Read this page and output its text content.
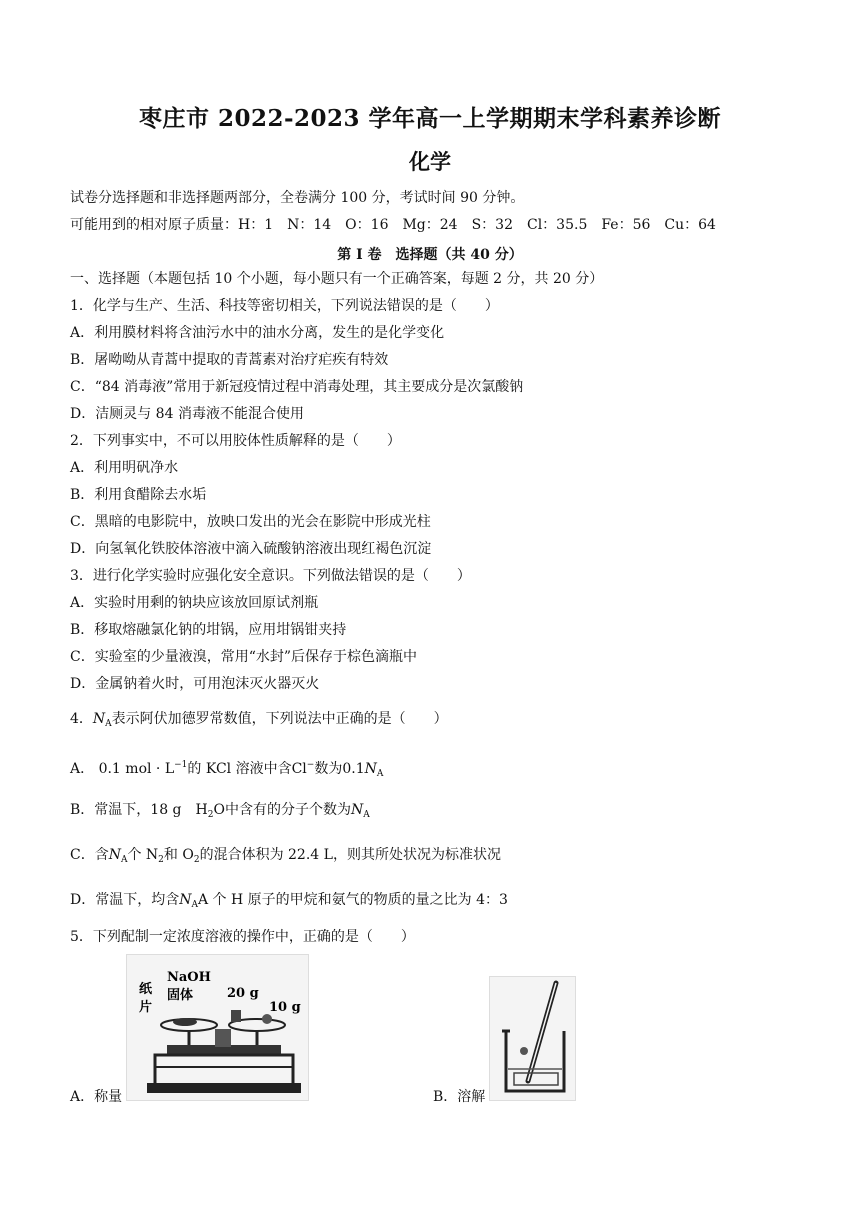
枣庄市 2022-2023 学年高一上学期期末学科素养诊断
化学
试卷分选择题和非选择题两部分，全卷满分 100 分，考试时间 90 分钟。
可能用到的相对原子质量：H：1　N：14　O：16　Mg：24　S：32　Cl：35.5　Fe：56　Cu：64
第 I 卷　选择题（共 40 分）
一、选择题（本题包括 10 个小题，每小题只有一个正确答案，每题 2 分，共 20 分）
1．化学与生产、生活、科技等密切相关，下列说法错误的是（　　）
A．利用膜材料将含油污水中的油水分离，发生的是化学变化
B．屠呦呦从青蒿中提取的青蒿素对治疗疟疾有特效
C．“84 消毒液”常用于新冠疫情过程中消毒处理，其主要成分是次氯酸钠
D．洁厕灵与 84 消毒液不能混合使用
2．下列事实中，不可以用胶体性质解释的是（　　）
A．利用明矾净水
B．利用食醋除去水垢
C．黑暗的电影院中，放映口发出的光会在影院中形成光柱
D．向氢氧化铁胶体溶液中滴入硫酸钠溶液出现红褐色沉淀
3．进行化学实验时应强化安全意识。下列做法错误的是（　　）
A．实验时用剩的钠块应该放回原试剂瓶
B．移取熔融氯化钠的坩锅，应用坩锅钳夹持
C．实验室的少量液溴，常用“水封”后保存于棕色滴瓶中
D．金属钠着火时，可用泡沫灭火器灭火
4．$N_A$表示阿伏加德罗常数值，下列说法中正确的是（　　）
A． 0.1 mol · $L^{-1}$的 KCl 溶液中含Cl−数为$0.1N_A$
B．常温下，18 g　$H_2O$中含有的分子个数为$N_A$
C．含$N_A$个 $N_2$和 $O_2$的混合体积为 22.4 L，则其所处状况为标准状况
D．常温下，均含$N_AA$ 个 H 原子的甲烷和氨气的物质的量之比为 4：3
5．下列配制一定浓度溶液的操作中，正确的是（　　）
NaOH
固体
纸
片
20 g
10 g
A．称量	B．溶解
